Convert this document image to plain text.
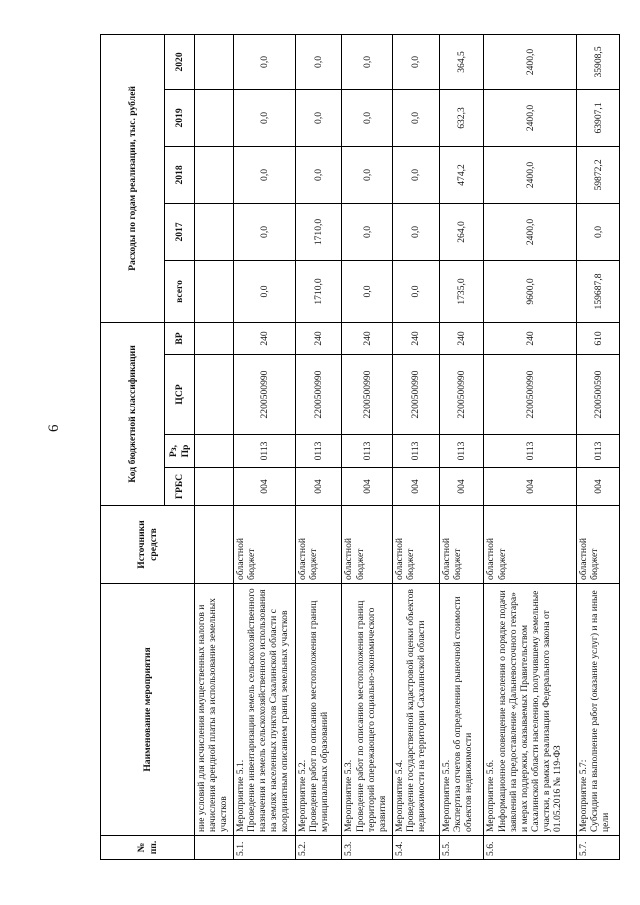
6
№ пп.	Наименование мероприятия	Источники средств	Код бюджетной классификации				Расходы по годам реализации, тыс. рублей				
			ГРБС	Рз, Пр	ЦСР	ВР	всего	2017	2018	2019	2020
	ние условий для исчисления имущественных налогов и начисления арендной платы за использование земельных участков										
5.1.	Мероприятие 5.1. Проведение инвентаризации земель сельскохозяйственного назначения и земель сельскохозяйственного использования на землях населенных пунктов Сахалинской области с координатным описанием границ земельных участков	областной бюджет	004	0113	2200500990	240	0,0	0,0	0,0	0,0	0,0
5.2.	Мероприятие 5.2. Проведение работ по описанию местоположения границ муниципальных образований	областной бюджет	004	0113	2200500990	240	1710,0	1710,0	0,0	0,0	0,0
5.3.	Мероприятие 5.3. Проведение работ по описанию местоположения границ территорий опережающего социально-экономического развития	областной бюджет	004	0113	2200500990	240	0,0	0,0	0,0	0,0	0,0
5.4.	Мероприятие 5.4. Проведение государственной кадастровой оценки объектов недвижимости на территории Сахалинской области	областной бюджет	004	0113	2200500990	240	0,0	0,0	0,0	0,0	0,0
5.5.	Мероприятие 5.5. Экспертиза отчетов об определении рыночной стоимости объектов недвижимости	областной бюджет	004	0113	2200500990	240	1735,0	264,0	474,2	632,3	364,5
5.6.	Мероприятие 5.6. Информационное оповещение населения о порядке подачи заявлений на предоставление «Дальневосточного гектара» и мерах поддержки, оказываемых Правительством Сахалинской области населению, получившему земельные участки, в рамках реализации Федерального закона от 01.05.2016 № 119-ФЗ	областной бюджет	004	0113	2200500990	240	9600,0	2400,0	2400,0	2400,0	2400,0
5.7.	Мероприятие 5.7: Субсидии на выполнение работ (оказание услуг) и на иные цели	областной бюджет	004	0113	2200500590	610	159687,8	0,0	59872,2	63907,1	35908,5
